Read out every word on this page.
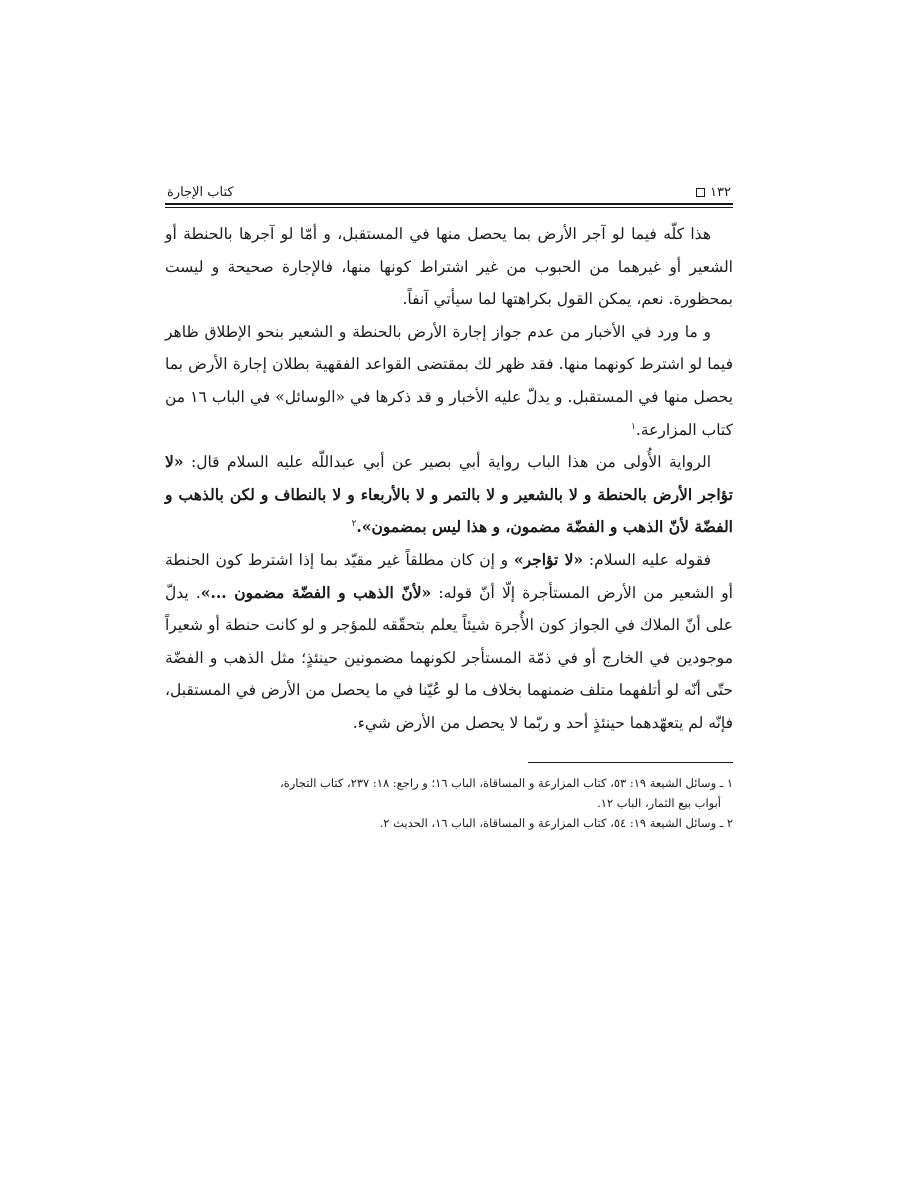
١٣٢
كتاب الإجارة

هذا كلّه فيما لو آجر الأرض بما يحصل منها في المستقبل، و أمّا لو آجرها بالحنطة أو الشعير أو غيرهما من الحبوب من غير اشتراط كونها منها، فالإجارة صحيحة و ليست بمحظورة. نعم، يمكن القول بكراهتها لما سيأتي آنفاً.

و ما ورد في الأخبار من عدم جواز إجارة الأرض بالحنطة و الشعير بنحو الإطلاق ظاهر فيما لو اشترط كونهما منها. فقد ظهر لك بمقتضى القواعد الفقهية بطلان إجارة الأرض بما يحصل منها في المستقبل. و يدلّ عليه الأخبار و قد ذكرها في «الوسائل» في الباب ١٦ من كتاب المزارعة.$^١$

الرواية الأُولى من هذا الباب رواية أبي بصير عن أبي عبداللّه عليه السلام قال: «لا تؤاجر الأرض بالحنطة و لا بالشعير و لا بالتمر و لا بالأربعاء و لا بالنطاف و لكن بالذهب و الفضّة لأنّ الذهب و الفضّة مضمون، و هذا ليس بمضمون».$^٢$

فقوله عليه السلام: «لا تؤاجر» و إن كان مطلقاً غير مقيّد بما إذا اشترط كون الحنطة أو الشعير من الأرض المستأجرة إلّا أنّ قوله: «لأنّ الذهب و الفضّة مضمون ...». يدلّ على أنّ الملاك في الجواز كون الأُجرة شيئاً يعلم بتحقّقه للمؤجر و لو كانت حنطة أو شعيراً موجودين في الخارج أو في ذمّة المستأجر لكونهما مضمونين حينئذٍ؛ مثل الذهب و الفضّة حتّى أنّه لو أتلفهما متلف ضمنهما بخلاف ما لو عُيّنا في ما يحصل من الأرض في المستقبل، فإنّه لم يتعهّدهما حينئذٍ أحد و ربّما لا يحصل من الأرض شيء.

١ ـ وسائل الشيعة ١٩: ٥٣، كتاب المزارعة و المساقاة، الباب ١٦؛ و راجع: ١٨: ٢٣٧، كتاب التجارة،

أبواب بيع الثمار، الباب ١٢.

٢ ـ وسائل الشيعة ١٩: ٥٤، كتاب المزارعة و المساقاة، الباب ١٦، الحديث ٢.
